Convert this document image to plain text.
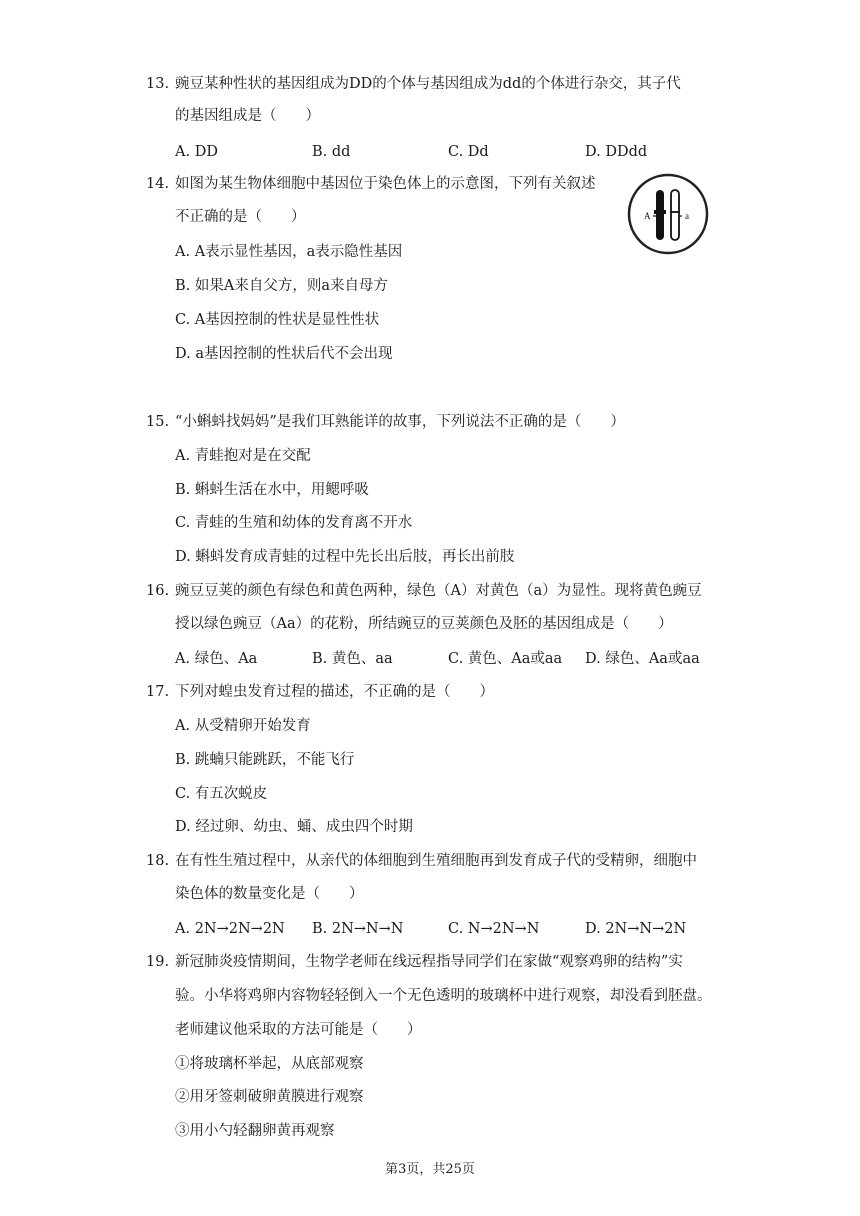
13. 豌豆某种性状的基因组成为DD的个体与基因组成为dd的个体进行杂交，其子代
的基因组成是（　　）
A. DD	B. dd	C. Dd	D. DDdd
14. 如图为某生物体细胞中基因位于染色体上的示意图，下列有关叙述
不正确的是（　　）
A. A表示显性基因，a表示隐性基因
B. 如果A来自父方，则a来自母方
C. A基因控制的性状是显性性状
D. a基因控制的性状后代不会出现
A	a
15. “小蝌蚪找妈妈”是我们耳熟能详的故事，下列说法不正确的是（　　）
A. 青蛙抱对是在交配
B. 蝌蚪生活在水中，用鳃呼吸
C. 青蛙的生殖和幼体的发育离不开水
D. 蝌蚪发育成青蛙的过程中先长出后肢，再长出前肢
16. 豌豆豆荚的颜色有绿色和黄色两种，绿色（A）对黄色（a）为显性。现将黄色豌豆
授以绿色豌豆（Aa）的花粉，所结豌豆的豆荚颜色及胚的基因组成是（　　）
A. 绿色、Aa	B. 黄色、aa	C. 黄色、Aa或aa D. 绿色、Aa或aa
17. 下列对蝗虫发育过程的描述，不正确的是（　　）
A. 从受精卵开始发育
B. 跳蝻只能跳跃，不能飞行
C. 有五次蜕皮
D. 经过卵、幼虫、蛹、成虫四个时期
18. 在有性生殖过程中，从亲代的体细胞到生殖细胞再到发育成子代的受精卵，细胞中
染色体的数量变化是（　　）
A. 2N→2N→2N B. 2N→N→N	C. N→2N→N	D. 2N→N→2N
19. 新冠肺炎疫情期间，生物学老师在线远程指导同学们在家做“观察鸡卵的结构”实
验。小华将鸡卵内容物轻轻倒入一个无色透明的玻璃杯中进行观察，却没看到胚盘。
老师建议他采取的方法可能是（　　）
①将玻璃杯举起，从底部观察
②用牙签刺破卵黄膜进行观察
③用小勺轻翻卵黄再观察
第3页，共25页
